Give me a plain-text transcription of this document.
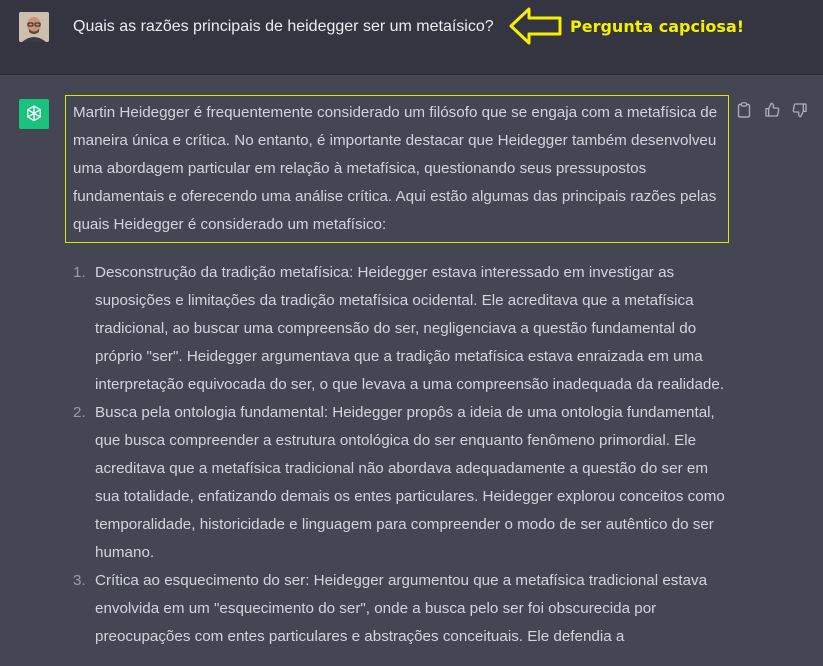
Quais as razões principais de heidegger ser um metaísico?	Pergunta capciosa!

Martin Heidegger é frequentemente considerado um filósofo que se engaja com a metafísica de maneira única e crítica. No entanto, é importante destacar que Heidegger também desenvolveu uma abordagem particular em relação à metafísica, questionando seus pressupostos fundamentais e oferecendo uma análise crítica. Aqui estão algumas das principais razões pelas quais Heidegger é considerado um metafísico:

1. Desconstrução da tradição metafísica: Heidegger estava interessado em investigar as suposições e limitações da tradição metafísica ocidental. Ele acreditava que a metafísica tradicional, ao buscar uma compreensão do ser, negligenciava a questão fundamental do próprio "ser". Heidegger argumentava que a tradição metafísica estava enraizada em uma interpretação equivocada do ser, o que levava a uma compreensão inadequada da realidade.
2. Busca pela ontologia fundamental: Heidegger propôs a ideia de uma ontologia fundamental, que busca compreender a estrutura ontológica do ser enquanto fenômeno primordial. Ele acreditava que a metafísica tradicional não abordava adequadamente a questão do ser em sua totalidade, enfatizando demais os entes particulares. Heidegger explorou conceitos como temporalidade, historicidade e linguagem para compreender o modo de ser autêntico do ser humano.
3. Crítica ao esquecimento do ser: Heidegger argumentou que a metafísica tradicional estava envolvida em um "esquecimento do ser", onde a busca pelo ser foi obscurecida por preocupações com entes particulares e abstrações conceituais. Ele defendia a
